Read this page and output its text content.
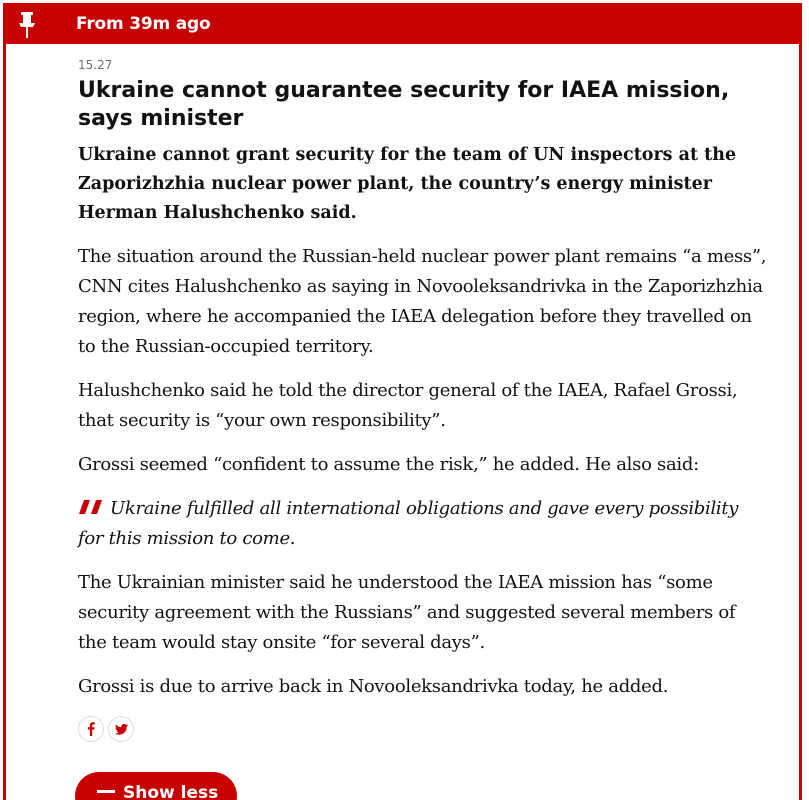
From 39m ago
15.27
Ukraine cannot guarantee security for IAEA mission, says minister

Ukraine cannot grant security for the team of UN inspectors at the Zaporizhzhia nuclear power plant, the country’s energy minister Herman Halushchenko said.

The situation around the Russian-held nuclear power plant remains “a mess”, CNN cites Halushchenko as saying in Novooleksandrivka in the Zaporizhzhia region, where he accompanied the IAEA delegation before they travelled on to the Russian-occupied territory.

Halushchenko said he told the director general of the IAEA, Rafael Grossi, that security is “your own responsibility”.

Grossi seemed “confident to assume the risk,” he added. He also said:

Ukraine fulfilled all international obligations and gave every possibility for this mission to come.

The Ukrainian minister said he understood the IAEA mission has “some security agreement with the Russians” and suggested several members of the team would stay onsite “for several days”.

Grossi is due to arrive back in Novooleksandrivka today, he added.

Show less
